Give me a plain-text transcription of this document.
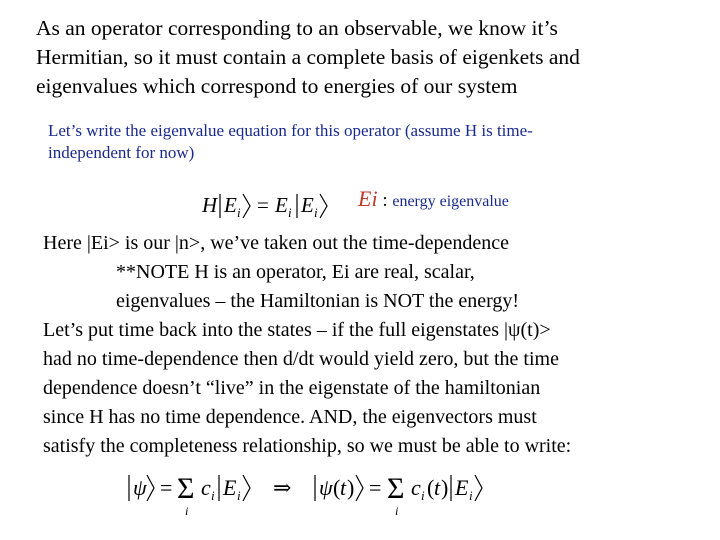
As an operator corresponding to an observable, we know it’s
Hermitian, so it must contain a complete basis of eigenkets and
eigenvalues which correspond to energies of our system
Let’s write the eigenvalue equation for this operator (assume H is time-
independent for now)
H E i = E i E i
Ei : energy eigenvalue
Here |Ei> is our |n>, we’ve taken out the time-dependence
**NOTE H is an operator, Ei are real, scalar,
eigenvalues – the Hamiltonian is NOT the energy!
Let’s put time back into the states – if the full eigenstates |ψ(t)>
had no time-dependence then d/dt would yield zero, but the time
dependence doesn’t “live” in the eigenstate of the hamiltonian
since H has no time dependence. AND, the eigenvectors must
satisfy the completeness relationship, so we must be able to write:
ψ = Σ
i
c i E i ⇒ ψ ( t ) = Σ
i
c i ( t ) E i
